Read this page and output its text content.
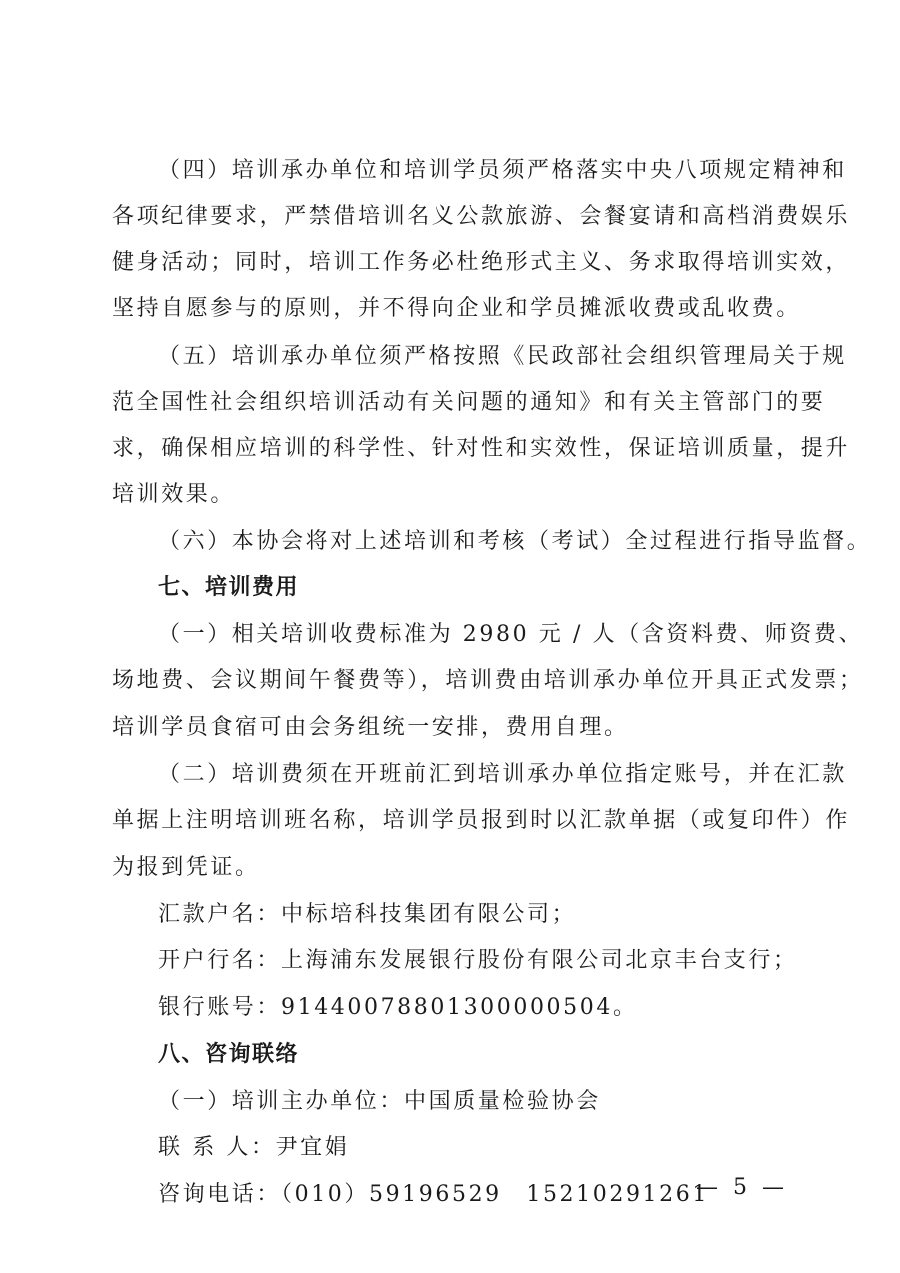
（四）培训承办单位和培训学员须严格落实中央八项规定精神和
各项纪律要求，严禁借培训名义公款旅游、会餐宴请和高档消费娱乐
健身活动；同时，培训工作务必杜绝形式主义、务求取得培训实效，
坚持自愿参与的原则，并不得向企业和学员摊派收费或乱收费。
（五）培训承办单位须严格按照《民政部社会组织管理局关于规
范全国性社会组织培训活动有关问题的通知》和有关主管部门的要
求，确保相应培训的科学性、针对性和实效性，保证培训质量，提升
培训效果。
（六）本协会将对上述培训和考核（考试）全过程进行指导监督。
七、培训费用
（一）相关培训收费标准为 2980 元 / 人（含资料费、师资费、
场地费、会议期间午餐费等），培训费由培训承办单位开具正式发票；
培训学员食宿可由会务组统一安排，费用自理。
（二）培训费须在开班前汇到培训承办单位指定账号，并在汇款
单据上注明培训班名称，培训学员报到时以汇款单据（或复印件）作
为报到凭证。
汇款户名：中标培科技集团有限公司；
开户行名：上海浦东发展银行股份有限公司北京丰台支行；
银行账号：91440078801300000504。
八、咨询联络
（一）培训主办单位：中国质量检验协会
联 系 人：尹宜娟
咨询电话：（010）59196529　15210291261
— 5 —
